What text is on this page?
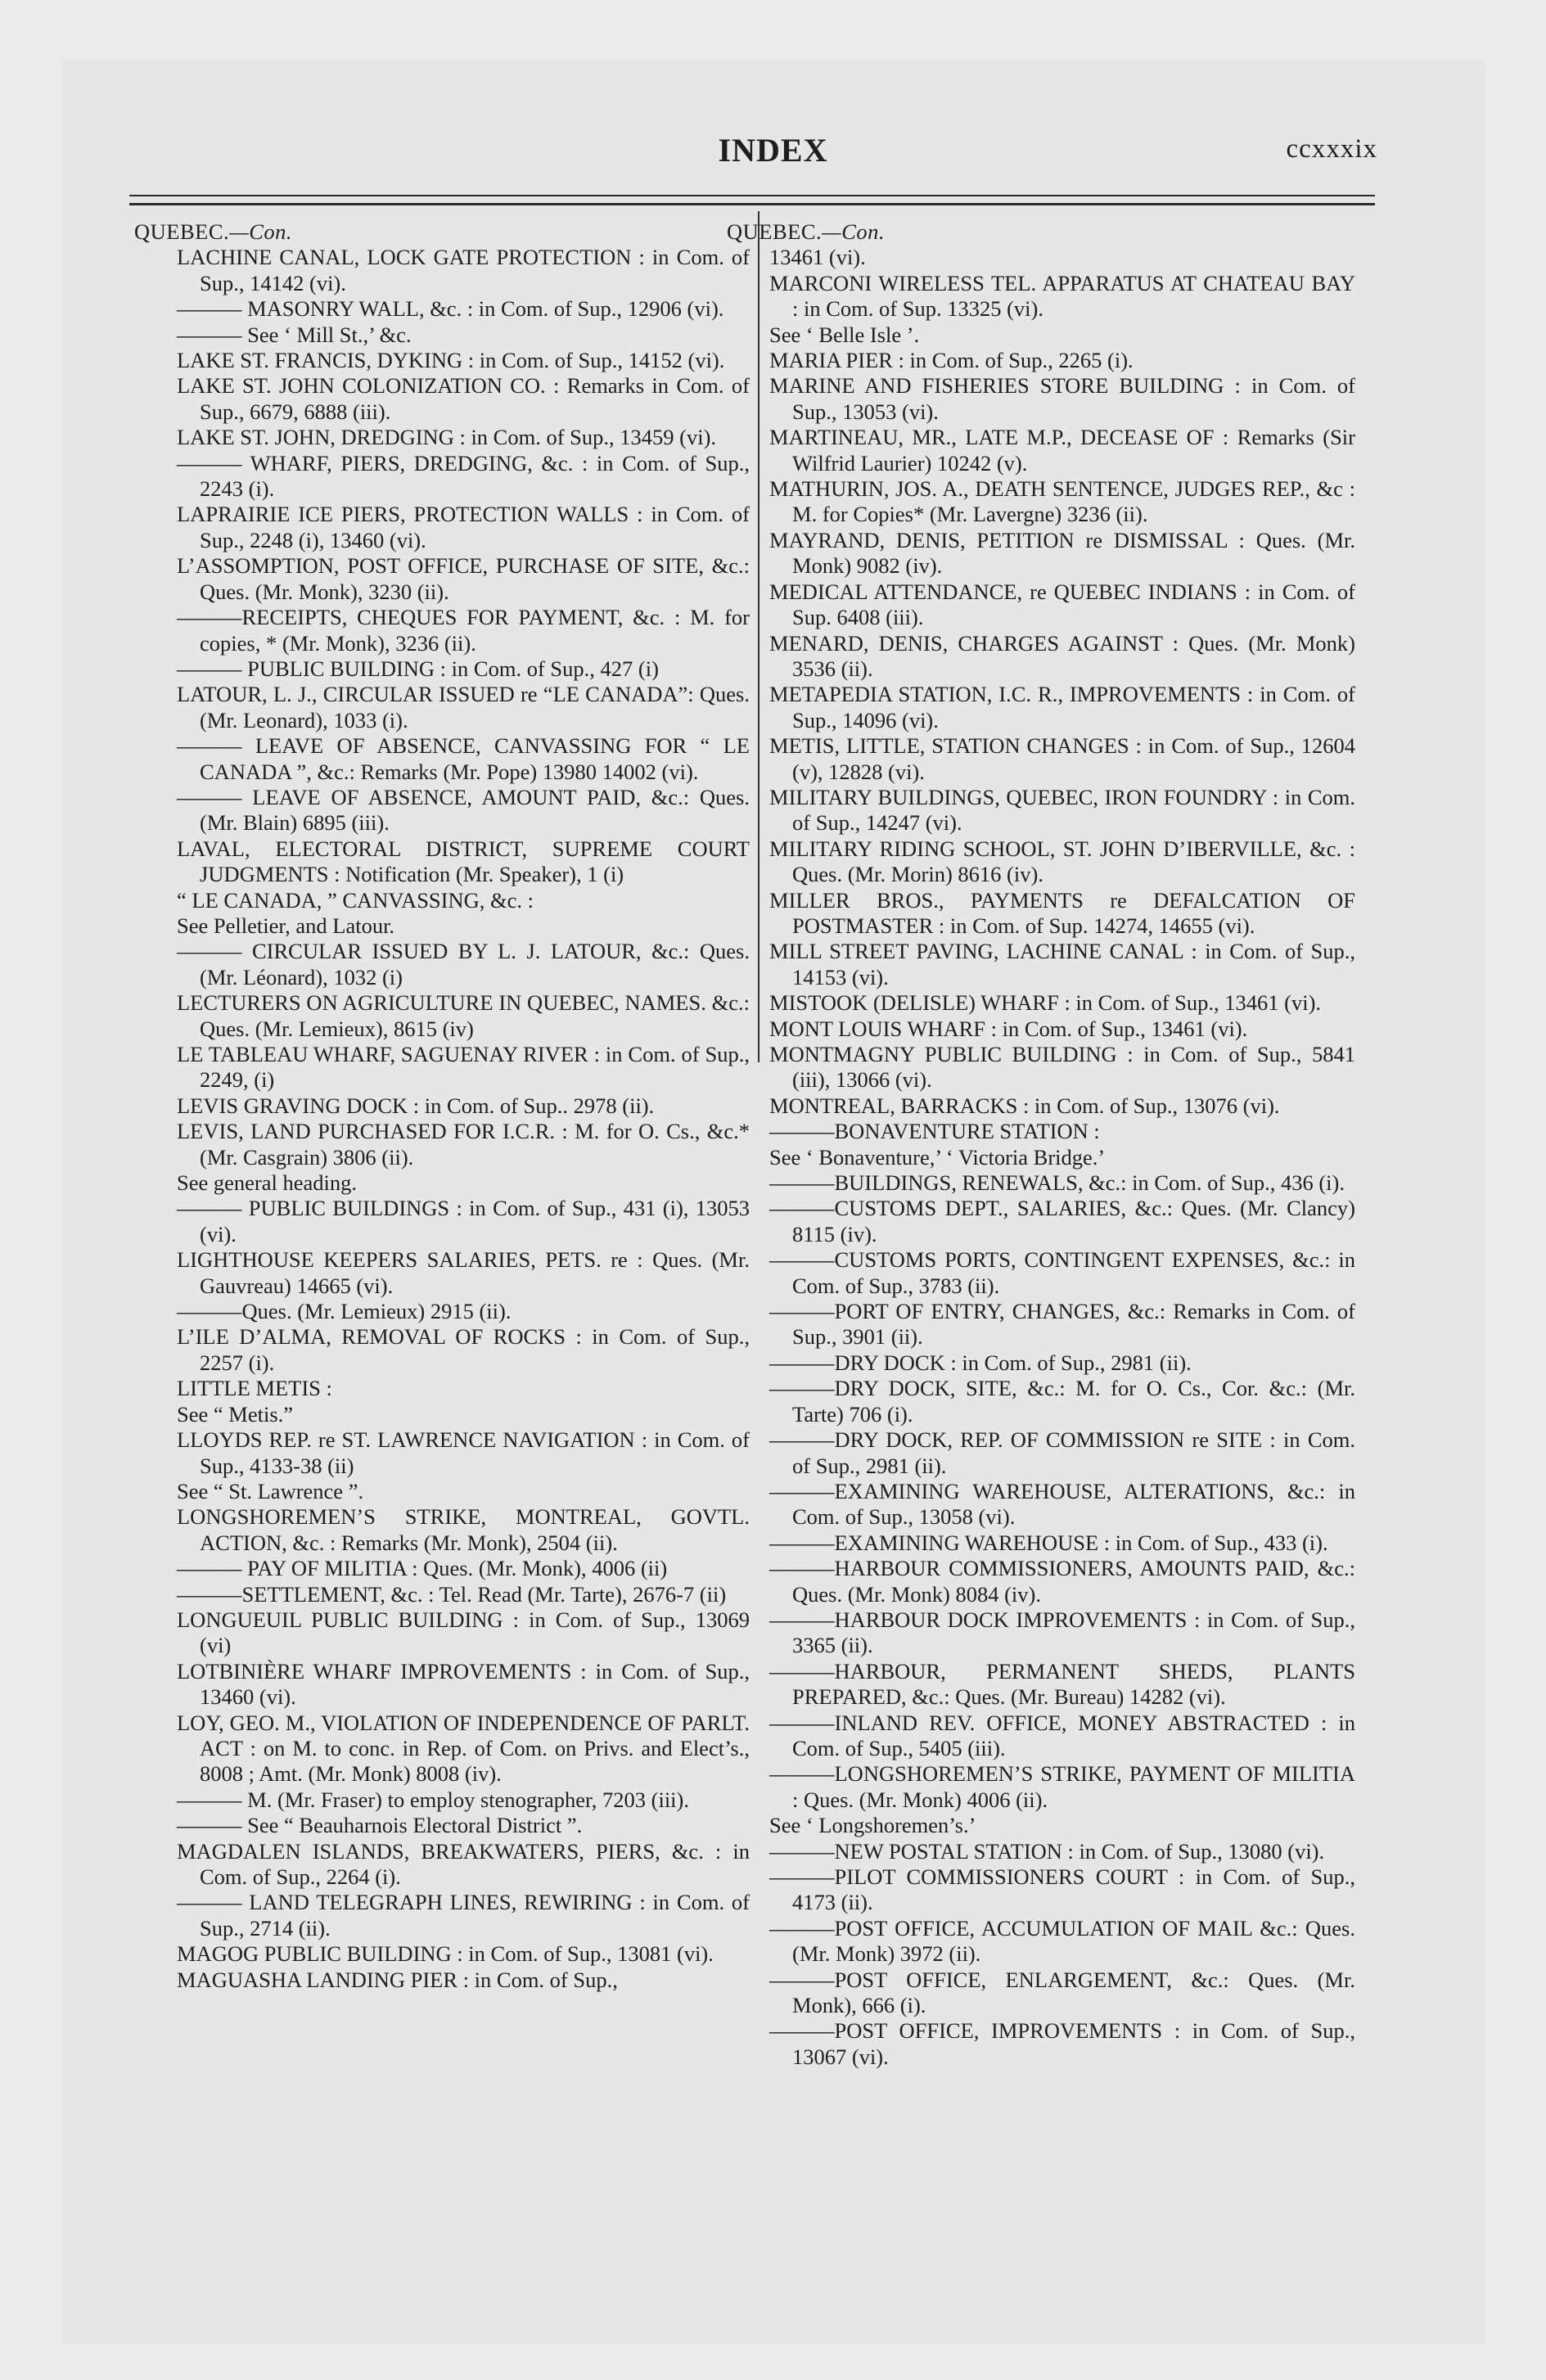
INDEX	ccxxxix
QUEBEC.—Con.

LACHINE CANAL, LOCK GATE PROTECTION : in Com. of Sup., 14142 (vi).

——— MASONRY WALL, &c. : in Com. of Sup., 12906 (vi).

——— See ‘ Mill St.,’ &c.

LAKE ST. FRANCIS, DYKING : in Com. of Sup., 14152 (vi).

LAKE ST. JOHN COLONIZATION CO. : Remarks in Com. of Sup., 6679, 6888 (iii).

LAKE ST. JOHN, DREDGING : in Com. of Sup., 13459 (vi).

——— WHARF, PIERS, DREDGING, &c. : in Com. of Sup., 2243 (i).

LAPRAIRIE ICE PIERS, PROTECTION WALLS : in Com. of Sup., 2248 (i), 13460 (vi).

L’ASSOMPTION, POST OFFICE, PURCHASE OF SITE, &c.: Ques. (Mr. Monk), 3230 (ii).

———RECEIPTS, CHEQUES FOR PAYMENT, &c. : M. for copies, * (Mr. Monk), 3236 (ii).

——— PUBLIC BUILDING : in Com. of Sup., 427 (i)

LATOUR, L. J., CIRCULAR ISSUED re “LE CANADA”: Ques. (Mr. Leonard), 1033 (i).

——— LEAVE OF ABSENCE, CANVASSING FOR “ LE CANADA ”, &c.: Remarks (Mr. Pope) 13980 14002 (vi).

——— LEAVE OF ABSENCE, AMOUNT PAID, &c.: Ques. (Mr. Blain) 6895 (iii).

LAVAL, ELECTORAL DISTRICT, SUPREME COURT JUDGMENTS : Notification (Mr. Speaker), 1 (i)

“ LE CANADA, ” CANVASSING, &c. :

See Pelletier, and Latour.

——— CIRCULAR ISSUED BY L. J. LATOUR, &c.: Ques. (Mr. Léonard), 1032 (i)

LECTURERS ON AGRICULTURE IN QUEBEC, NAMES. &c.: Ques. (Mr. Lemieux), 8615 (iv)

LE TABLEAU WHARF, SAGUENAY RIVER : in Com. of Sup., 2249, (i)

LEVIS GRAVING DOCK : in Com. of Sup.. 2978 (ii).

LEVIS, LAND PURCHASED FOR I.C.R. : M. for O. Cs., &c.* (Mr. Casgrain) 3806 (ii).

See general heading.

——— PUBLIC BUILDINGS : in Com. of Sup., 431 (i), 13053 (vi).

LIGHTHOUSE KEEPERS SALARIES, PETS. re : Ques. (Mr. Gauvreau) 14665 (vi).

———Ques. (Mr. Lemieux) 2915 (ii).

L’ILE D’ALMA, REMOVAL OF ROCKS : in Com. of Sup., 2257 (i).

LITTLE METIS :

See “ Metis.”

LLOYDS REP. re ST. LAWRENCE NAVIGATION : in Com. of Sup., 4133-38 (ii)

See “ St. Lawrence ”.

LONGSHOREMEN’S STRIKE, MONTREAL, GOVTL. ACTION, &c. : Remarks (Mr. Monk), 2504 (ii).

——— PAY OF MILITIA : Ques. (Mr. Monk), 4006 (ii)

———SETTLEMENT, &c. : Tel. Read (Mr. Tarte), 2676-7 (ii)

LONGUEUIL PUBLIC BUILDING : in Com. of Sup., 13069 (vi)

LOTBINIÈRE WHARF IMPROVEMENTS : in Com. of Sup., 13460 (vi).

LOY, GEO. M., VIOLATION OF INDEPENDENCE OF PARLT. ACT : on M. to conc. in Rep. of Com. on Privs. and Elect’s., 8008 ; Amt. (Mr. Monk) 8008 (iv).

——— M. (Mr. Fraser) to employ stenographer, 7203 (iii).

——— See “ Beauharnois Electoral District ”.

MAGDALEN ISLANDS, BREAKWATERS, PIERS, &c. : in Com. of Sup., 2264 (i).

——— LAND TELEGRAPH LINES, REWIRING : in Com. of Sup., 2714 (ii).

MAGOG PUBLIC BUILDING : in Com. of Sup., 13081 (vi).

MAGUASHA LANDING PIER : in Com. of Sup.,

QUEBEC.—Con.

13461 (vi).

MARCONI WIRELESS TEL. APPARATUS AT CHATEAU BAY : in Com. of Sup. 13325 (vi).

See ‘ Belle Isle ’.

MARIA PIER : in Com. of Sup., 2265 (i).

MARINE AND FISHERIES STORE BUILDING : in Com. of Sup., 13053 (vi).

MARTINEAU, MR., LATE M.P., DECEASE OF : Remarks (Sir Wilfrid Laurier) 10242 (v).

MATHURIN, JOS. A., DEATH SENTENCE, JUDGES REP., &c : M. for Copies* (Mr. Lavergne) 3236 (ii).

MAYRAND, DENIS, PETITION re DISMISSAL : Ques. (Mr. Monk) 9082 (iv).

MEDICAL ATTENDANCE, re QUEBEC INDIANS : in Com. of Sup. 6408 (iii).

MENARD, DENIS, CHARGES AGAINST : Ques. (Mr. Monk) 3536 (ii).

METAPEDIA STATION, I.C. R., IMPROVEMENTS : in Com. of Sup., 14096 (vi).

METIS, LITTLE, STATION CHANGES : in Com. of Sup., 12604 (v), 12828 (vi).

MILITARY BUILDINGS, QUEBEC, IRON FOUNDRY : in Com. of Sup., 14247 (vi).

MILITARY RIDING SCHOOL, ST. JOHN D’IBERVILLE, &c. : Ques. (Mr. Morin) 8616 (iv).

MILLER BROS., PAYMENTS re DEFALCATION OF POSTMASTER : in Com. of Sup. 14274, 14655 (vi).

MILL STREET PAVING, LACHINE CANAL : in Com. of Sup., 14153 (vi).

MISTOOK (DELISLE) WHARF : in Com. of Sup., 13461 (vi).

MONT LOUIS WHARF : in Com. of Sup., 13461 (vi).

MONTMAGNY PUBLIC BUILDING : in Com. of Sup., 5841 (iii), 13066 (vi).

MONTREAL, BARRACKS : in Com. of Sup., 13076 (vi).

———BONAVENTURE STATION :

See ‘ Bonaventure,’ ‘ Victoria Bridge.’

———BUILDINGS, RENEWALS, &c.: in Com. of Sup., 436 (i).

———CUSTOMS DEPT., SALARIES, &c.: Ques. (Mr. Clancy) 8115 (iv).

———CUSTOMS PORTS, CONTINGENT EXPENSES, &c.: in Com. of Sup., 3783 (ii).

———PORT OF ENTRY, CHANGES, &c.: Remarks in Com. of Sup., 3901 (ii).

———DRY DOCK : in Com. of Sup., 2981 (ii).

———DRY DOCK, SITE, &c.: M. for O. Cs., Cor. &c.: (Mr. Tarte) 706 (i).

———DRY DOCK, REP. OF COMMISSION re SITE : in Com. of Sup., 2981 (ii).

———EXAMINING WAREHOUSE, ALTERATIONS, &c.: in Com. of Sup., 13058 (vi).

———EXAMINING WAREHOUSE : in Com. of Sup., 433 (i).

———HARBOUR COMMISSIONERS, AMOUNTS PAID, &c.: Ques. (Mr. Monk) 8084 (iv).

———HARBOUR DOCK IMPROVEMENTS : in Com. of Sup., 3365 (ii).

———HARBOUR, PERMANENT SHEDS, PLANTS PREPARED, &c.: Ques. (Mr. Bureau) 14282 (vi).

———INLAND REV. OFFICE, MONEY ABSTRACTED : in Com. of Sup., 5405 (iii).

———LONGSHOREMEN’S STRIKE, PAYMENT OF MILITIA : Ques. (Mr. Monk) 4006 (ii).

See ‘ Longshoremen’s.’

———NEW POSTAL STATION : in Com. of Sup., 13080 (vi).

———PILOT COMMISSIONERS COURT : in Com. of Sup., 4173 (ii).

———POST OFFICE, ACCUMULATION OF MAIL &c.: Ques. (Mr. Monk) 3972 (ii).

———POST OFFICE, ENLARGEMENT, &c.: Ques. (Mr. Monk), 666 (i).

———POST OFFICE, IMPROVEMENTS : in Com. of Sup., 13067 (vi).
